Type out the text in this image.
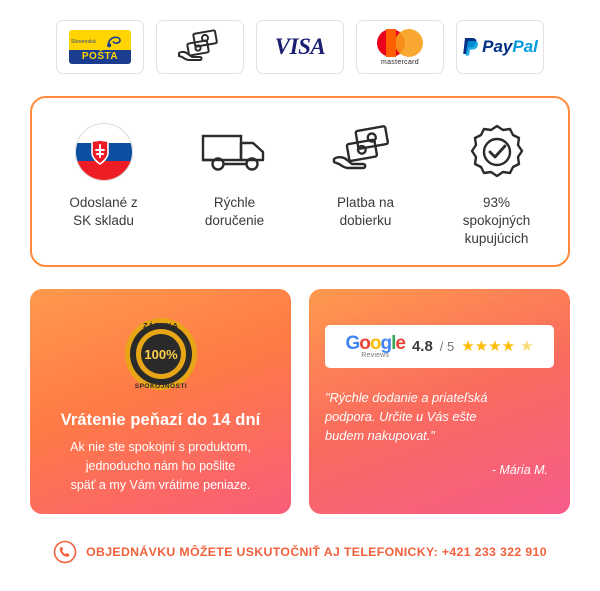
Slovenská
POŠTA	VISA
mastercard
PayPal
Odoslané z
SK skladu
Rýchle
doručenie
Platba na
dobierku
93%
spokojných
kupujúcich
100%
ZÁRUKA
SPOKOJNOSTI
Vrátenie peňazí do 14 dní
Ak nie ste spokojní s produktom,
jednoducho nám ho pošlite
späť a my Vám vrátime peniaze.
Google
Reviews
4.8 / 5 ★★★★ ★
"Rýchle dodanie a priateľská
podpora. Určite u Vás ešte
budem nakupovat."
- Mária M.
OBJEDNÁVKU MÔŽETE USKUTOČNIŤ AJ TELEFONICKY: +421 233 322 910
